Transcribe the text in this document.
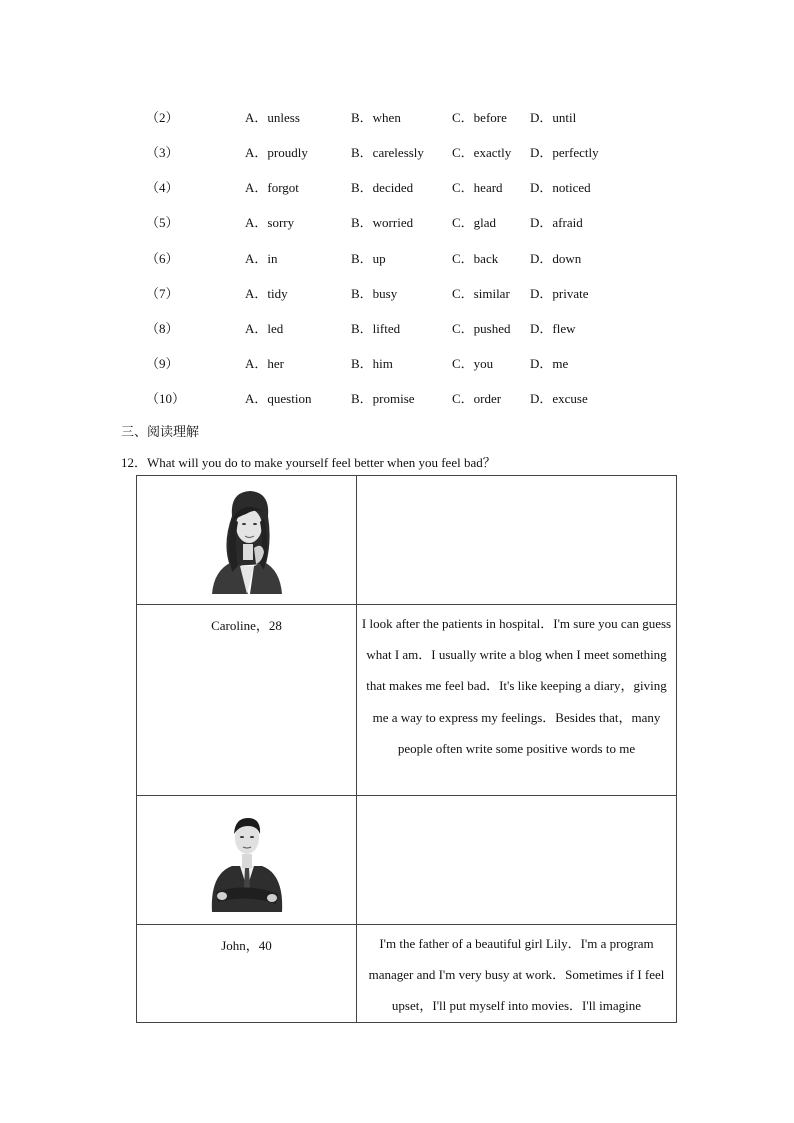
（2）	A．unless	B．when	C．before D．until
（3）	A．proudly	B．carelessly C．exactly D．perfectly
（4）	A．forgot	B．decided	C．heard D．noticed
（5）	A．sorry	B．worried	C．glad	D．afraid
（6）	A．in	B．up	C．back D．down
（7）	A．tidy	B．busy	C．similar D．private
（8）	A．led	B．lifted	C．pushed D．flew
（9）	A．her	B．him	C．you	D．me
（10）	A．question	B．promise	C．order D．excuse
三、阅读理解
12．What will you do to make yourself feel better when you feel bad？

Caroline，28	I look after the patients in hospital．I'm sure you can guess what I am．I usually write a blog when I meet something that makes me feel bad．It's like keeping a diary，giving me a way to express my feelings．Besides that，many people often write some positive words to me

John，40	I'm the father of a beautiful girl Lily．I'm a program manager and I'm very busy at work．Sometimes if I feel upset，I'll put myself into movies．I'll imagine
